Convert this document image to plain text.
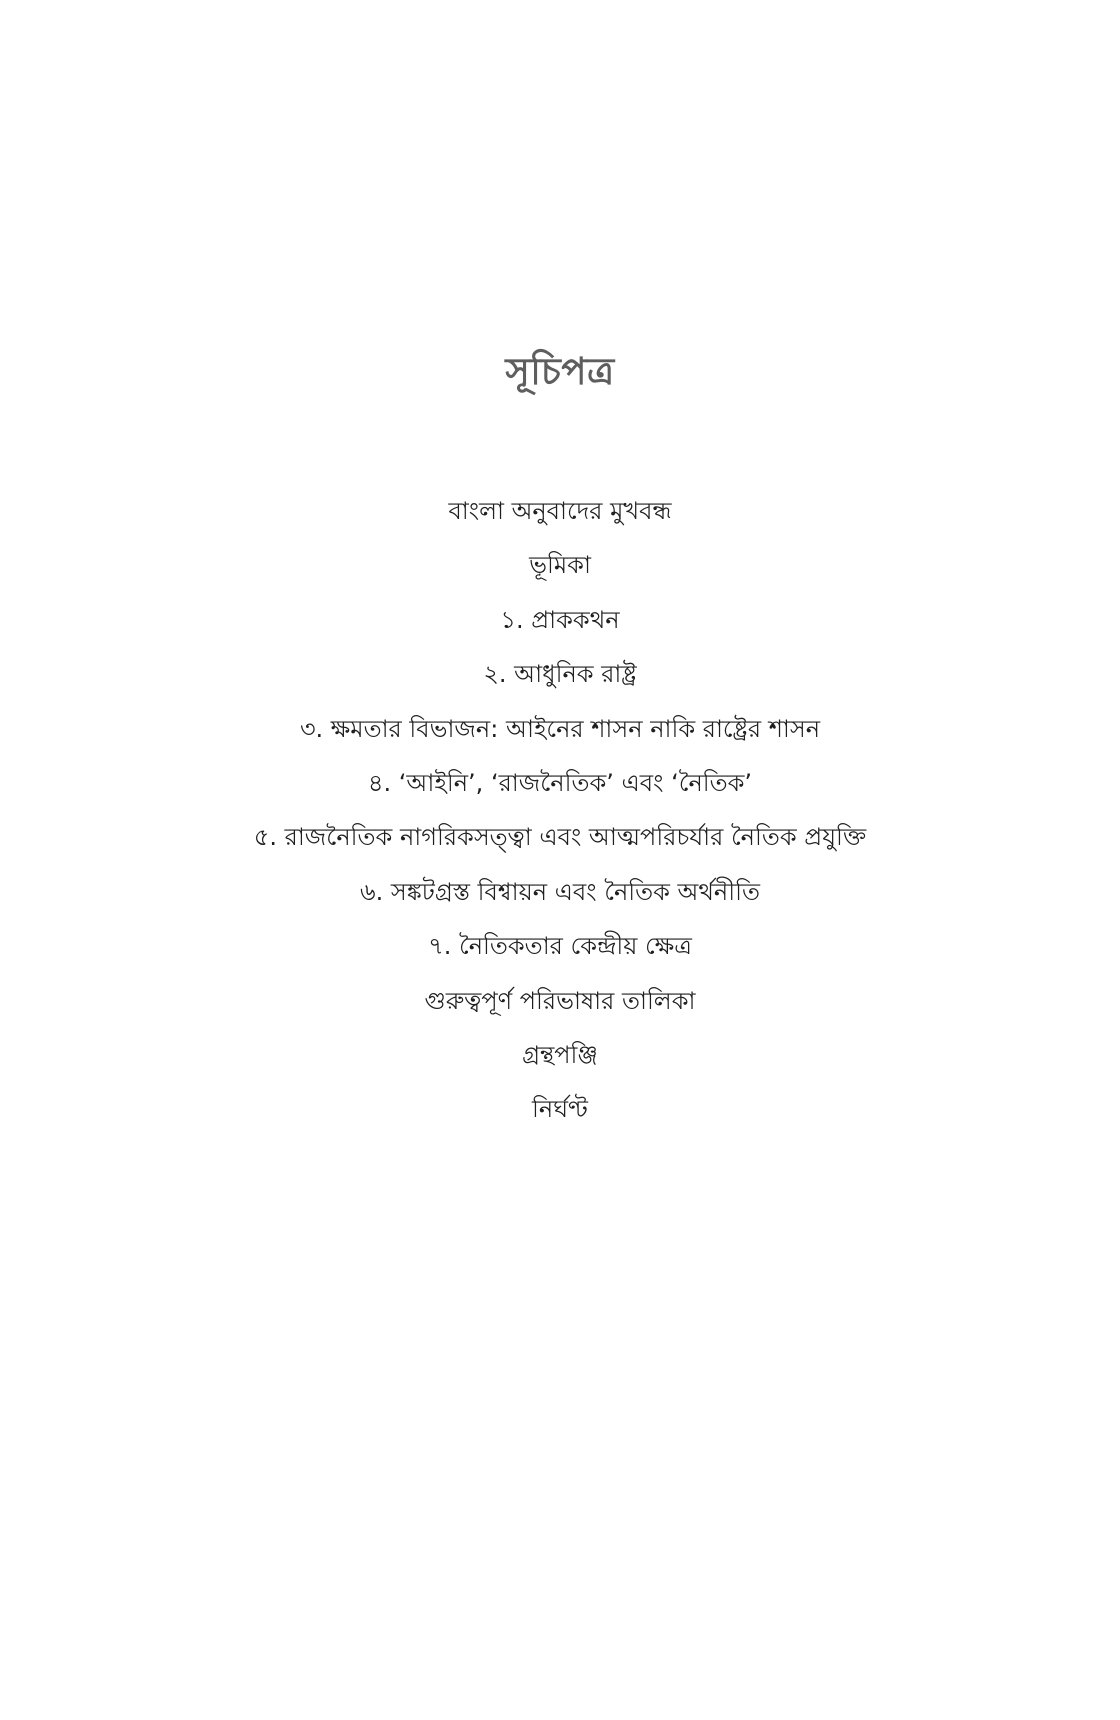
সূচিপত্র
বাংলা অনুবাদের মুখবন্ধ
ভূমিকা
১. প্রাককথন
২. আধুনিক রাষ্ট্র
৩. ক্ষমতার বিভাজন: আইনের শাসন নাকি রাষ্ট্রের শাসন
৪. ‘আইনি’, ‘রাজনৈতিক’ এবং ‘নৈতিক’
৫. রাজনৈতিক নাগরিকসত্ত্বা এবং আত্মপরিচর্যার নৈতিক প্রযুক্তি
৬. সঙ্কটগ্রস্ত বিশ্বায়ন এবং নৈতিক অর্থনীতি
৭. নৈতিকতার কেন্দ্রীয় ক্ষেত্র
গুরুত্বপূর্ণ পরিভাষার তালিকা
গ্রন্থপঞ্জি
নির্ঘণ্ট
